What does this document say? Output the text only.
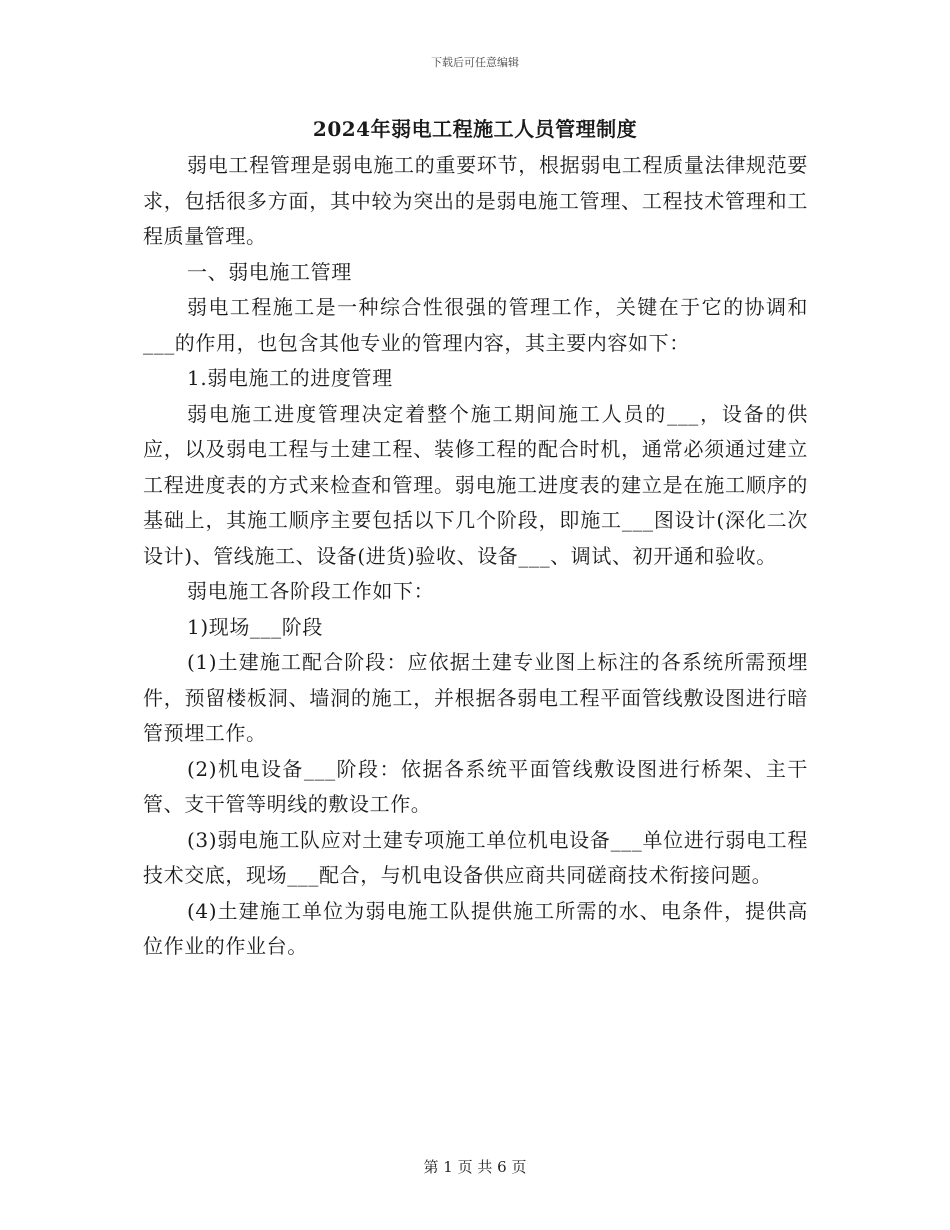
下载后可任意编辑
2024年弱电工程施工人员管理制度

弱电工程管理是弱电施工的重要环节，根据弱电工程质量法律规范要求，包括很多方面，其中较为突出的是弱电施工管理、工程技术管理和工程质量管理。

一、弱电施工管理

弱电工程施工是一种综合性很强的管理工作，关键在于它的协调和___的作用，也包含其他专业的管理内容，其主要内容如下：

1.弱电施工的进度管理

弱电施工进度管理决定着整个施工期间施工人员的___，设备的供应，以及弱电工程与土建工程、装修工程的配合时机，通常必须通过建立工程进度表的方式来检查和管理。弱电施工进度表的建立是在施工顺序的基础上，其施工顺序主要包括以下几个阶段，即施工___图设计(深化二次设计)、管线施工、设备(进货)验收、设备___、调试、初开通和验收。

弱电施工各阶段工作如下：

1)现场___阶段

(1)土建施工配合阶段：应依据土建专业图上标注的各系统所需预埋件，预留楼板洞、墙洞的施工，并根据各弱电工程平面管线敷设图进行暗管预埋工作。

(2)机电设备___阶段：依据各系统平面管线敷设图进行桥架、主干管、支干管等明线的敷设工作。

(3)弱电施工队应对土建专项施工单位机电设备___单位进行弱电工程技术交底，现场___配合，与机电设备供应商共同磋商技术衔接问题。

(4)土建施工单位为弱电施工队提供施工所需的水、电条件，提供高位作业的作业台。

第 1 页 共 6 页
